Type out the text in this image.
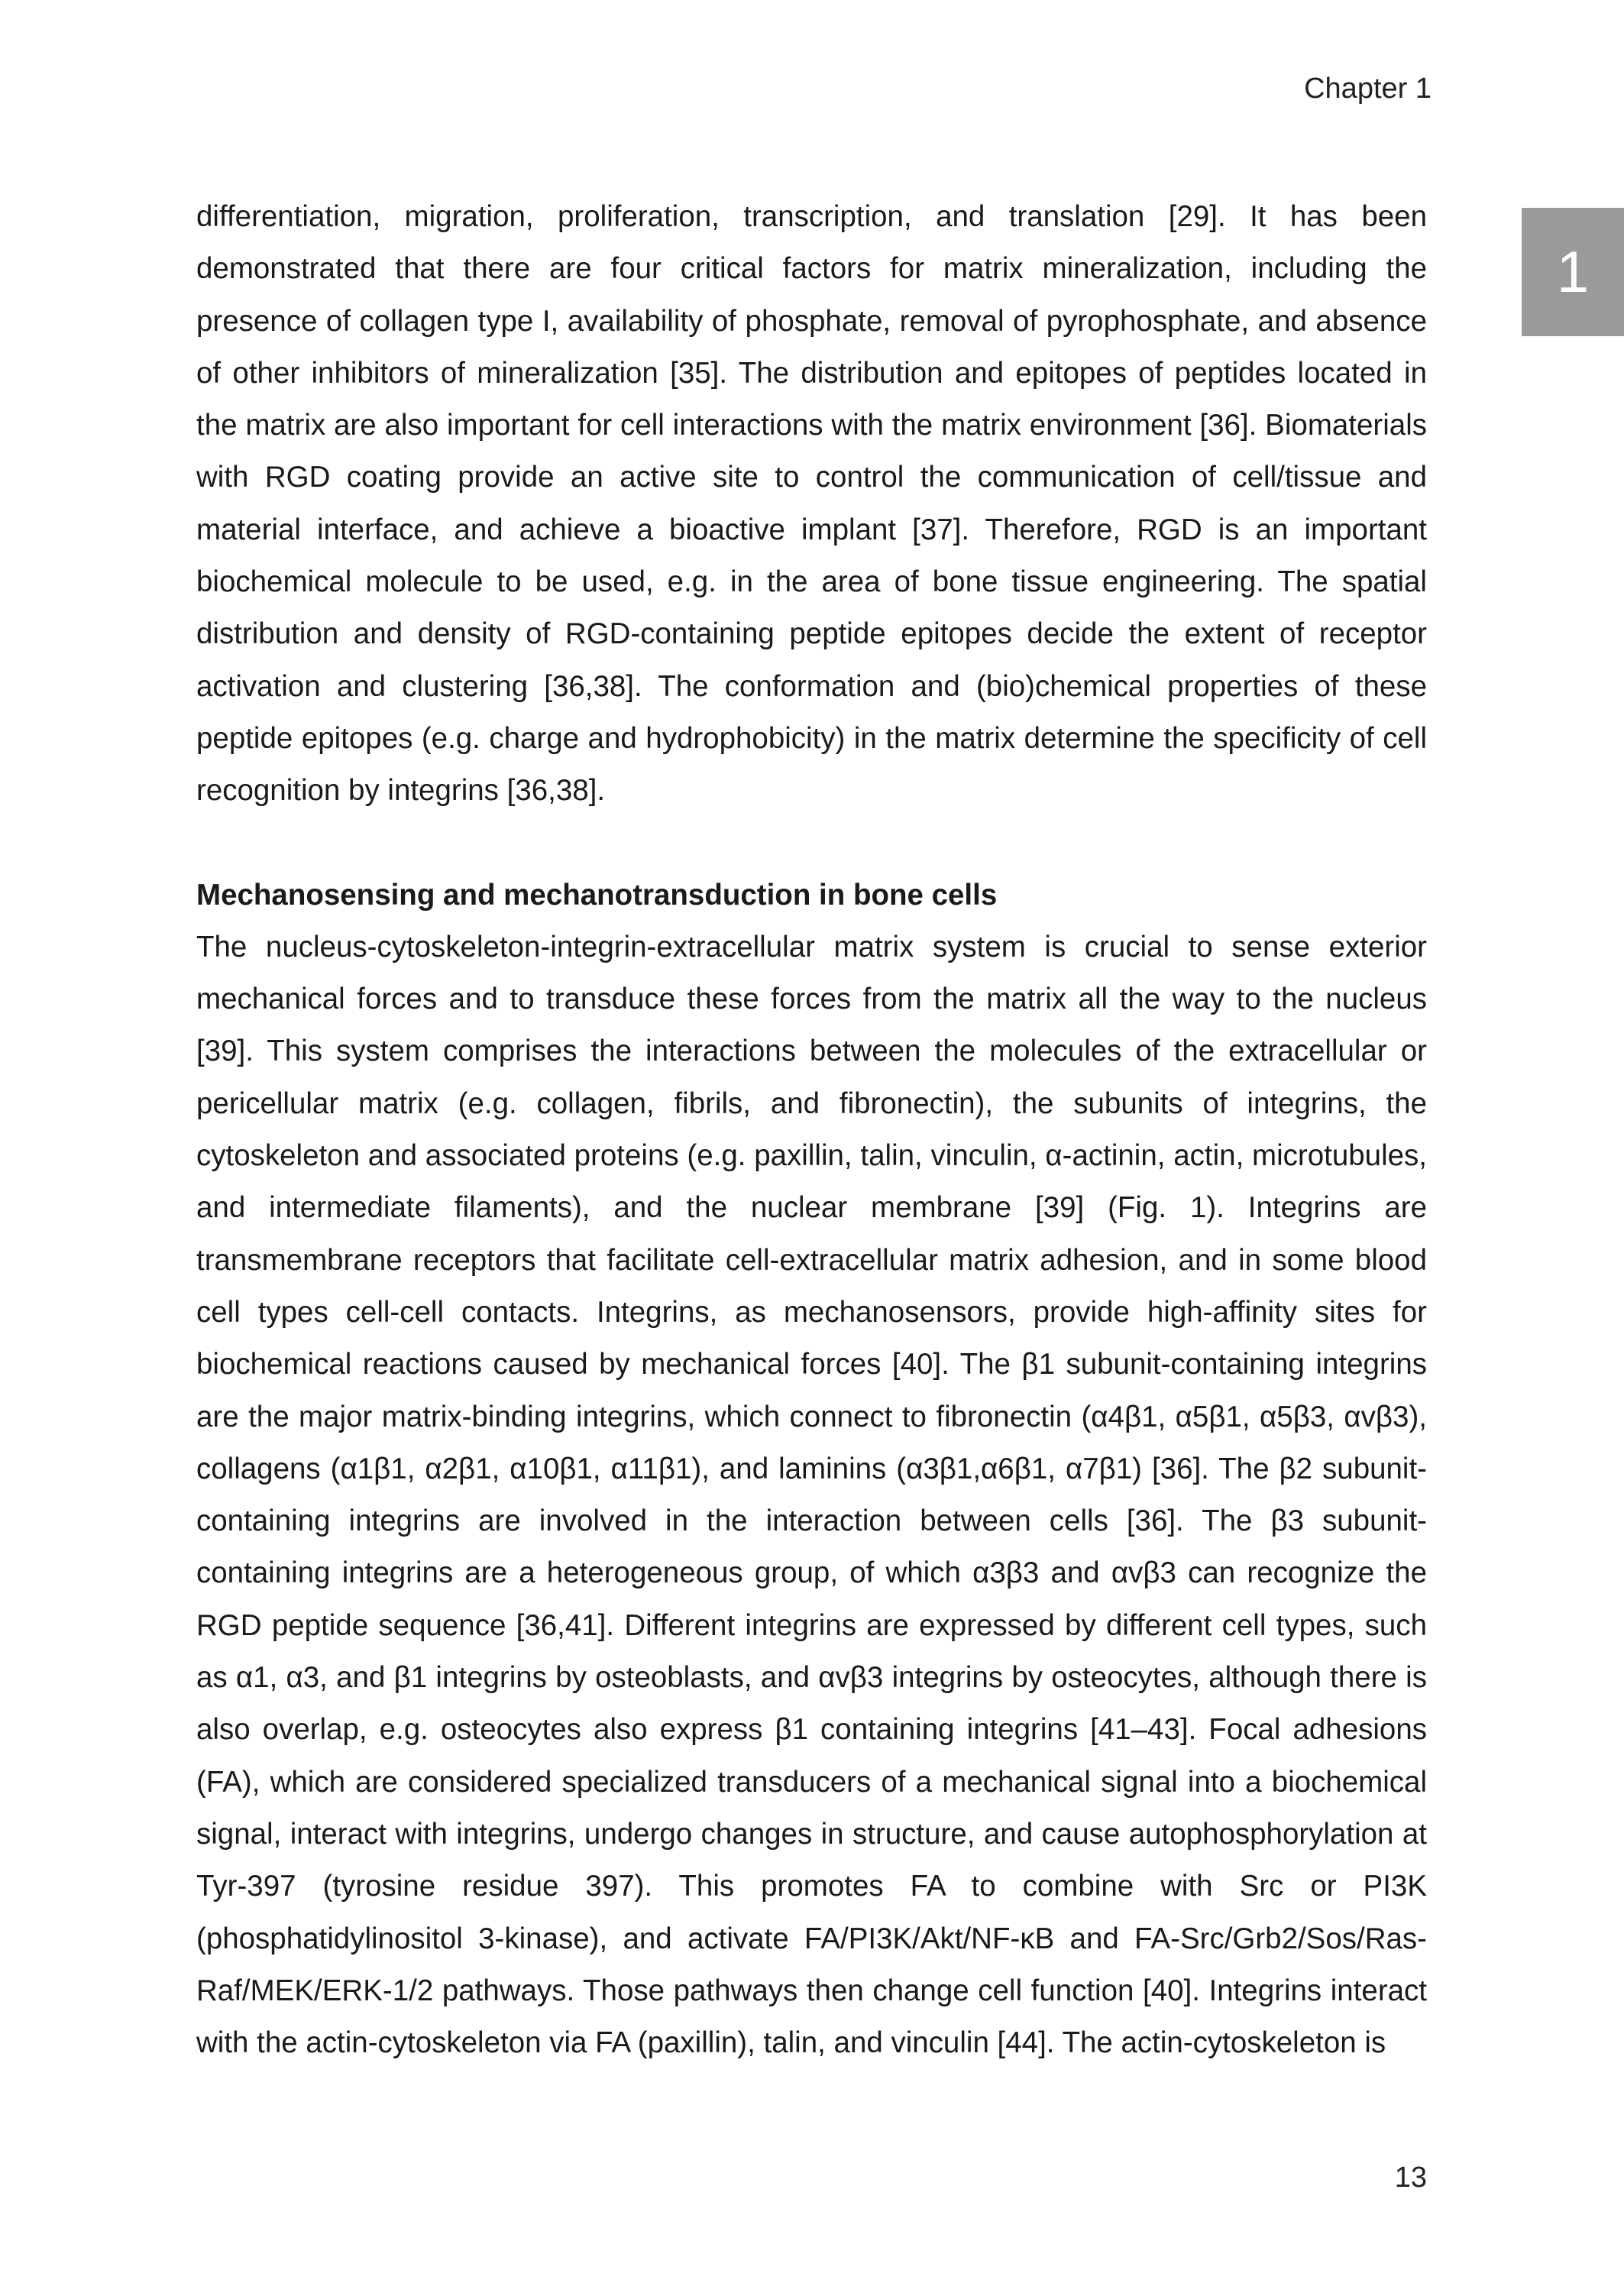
Chapter 1
1

differentiation, migration, proliferation, transcription, and translation [29]. It has been demonstrated that there are four critical factors for matrix mineralization, including the presence of collagen type I, availability of phosphate, removal of pyrophosphate, and absence of other inhibitors of mineralization [35]. The distribution and epitopes of peptides located in the matrix are also important for cell interactions with the matrix environment [36]. Biomaterials with RGD coating provide an active site to control the communication of cell/tissue and material interface, and achieve a bioactive implant [37]. Therefore, RGD is an important biochemical molecule to be used, e.g. in the area of bone tissue engineering. The spatial distribution and density of RGD-containing peptide epitopes decide the extent of receptor activation and clustering [36,38]. The conformation and (bio)chemical properties of these peptide epitopes (e.g. charge and hydrophobicity) in the matrix determine the specificity of cell recognition by integrins [36,38].

Mechanosensing and mechanotransduction in bone cells

The nucleus-cytoskeleton-integrin-extracellular matrix system is crucial to sense exterior mechanical forces and to transduce these forces from the matrix all the way to the nucleus [39]. This system comprises the interactions between the molecules of the extracellular or pericellular matrix (e.g. collagen, fibrils, and fibronectin), the subunits of integrins, the cytoskeleton and associated proteins (e.g. paxillin, talin, vinculin, α-actinin, actin, microtubules, and intermediate filaments), and the nuclear membrane [39] (Fig. 1). Integrins are transmembrane receptors that facilitate cell-extracellular matrix adhesion, and in some blood cell types cell-cell contacts. Integrins, as mechanosensors, provide high-affinity sites for biochemical reactions caused by mechanical forces [40]. The β1 subunit-containing integrins are the major matrix-binding integrins, which connect to fibronectin (α4β1, α5β1, α5β3, αvβ3), collagens (α1β1, α2β1, α10β1, α11β1), and laminins (α3β1,α6β1, α7β1) [36]. The β2 subunit-containing integrins are involved in the interaction between cells [36]. The β3 subunit-containing integrins are a heterogeneous group, of which α3β3 and αvβ3 can recognize the RGD peptide sequence [36,41]. Different integrins are expressed by different cell types, such as α1, α3, and β1 integrins by osteoblasts, and αvβ3 integrins by osteocytes, although there is also overlap, e.g. osteocytes also express β1 containing integrins [41–43]. Focal adhesions (FA), which are considered specialized transducers of a mechanical signal into a biochemical signal, interact with integrins, undergo changes in structure, and cause autophosphorylation at Tyr-397 (tyrosine residue 397). This promotes FA to combine with Src or PI3K (phosphatidylinositol 3-kinase), and activate FA/PI3K/Akt/NF-κB and FA-Src/Grb2/Sos/Ras-Raf/MEK/ERK-1/2 pathways. Those pathways then change cell function [40]. Integrins interact with the actin-cytoskeleton via FA (paxillin), talin, and vinculin [44]. The actin-cytoskeleton is

13
